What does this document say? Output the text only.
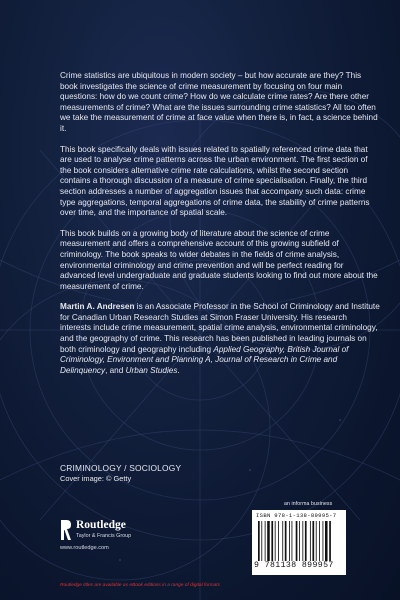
Crime statistics are ubiquitous in modern society – but how accurate are they? This book investigates the science of crime measurement by focusing on four main questions: how do we count crime? How do we calculate crime rates? Are there other measurements of crime? What are the issues surrounding crime statistics? All too often we take the measurement of crime at face value when there is, in fact, a science behind it.

This book specifically deals with issues related to spatially referenced crime data that are used to analyse crime patterns across the urban environment. The first section of the book considers alternative crime rate calculations, whilst the second section contains a thorough discussion of a measure of crime specialisation. Finally, the third section addresses a number of aggregation issues that accompany such data: crime type aggregations, temporal aggregations of crime data, the stability of crime patterns over time, and the importance of spatial scale.

This book builds on a growing body of literature about the science of crime measurement and offers a comprehensive account of this growing subfield of criminology. The book speaks to wider debates in the fields of crime analysis, environmental criminology and crime prevention and will be perfect reading for advanced level undergraduate and graduate students looking to find out more about the measurement of crime.

Martin A. Andresen is an Associate Professor in the School of Criminology and Institute for Canadian Urban Research Studies at Simon Fraser University. His research interests include crime measurement, spatial crime analysis, environmental criminology, and the geography of crime. This research has been published in leading journals on both criminology and geography including Applied Geography, British Journal of Criminology, Environment and Planning A, Journal of Research in Crime and Delinquency, and Urban Studies.

CRIMINOLOGY / SOCIOLOGY
Cover image: © Getty
Routledge
Taylor & Francis Group
www.routledge.com
an informa business
ISBN 978-1-138-89995-7
9 781138 899957
Routledge titles are available as eBook editions in a range of digital formats
